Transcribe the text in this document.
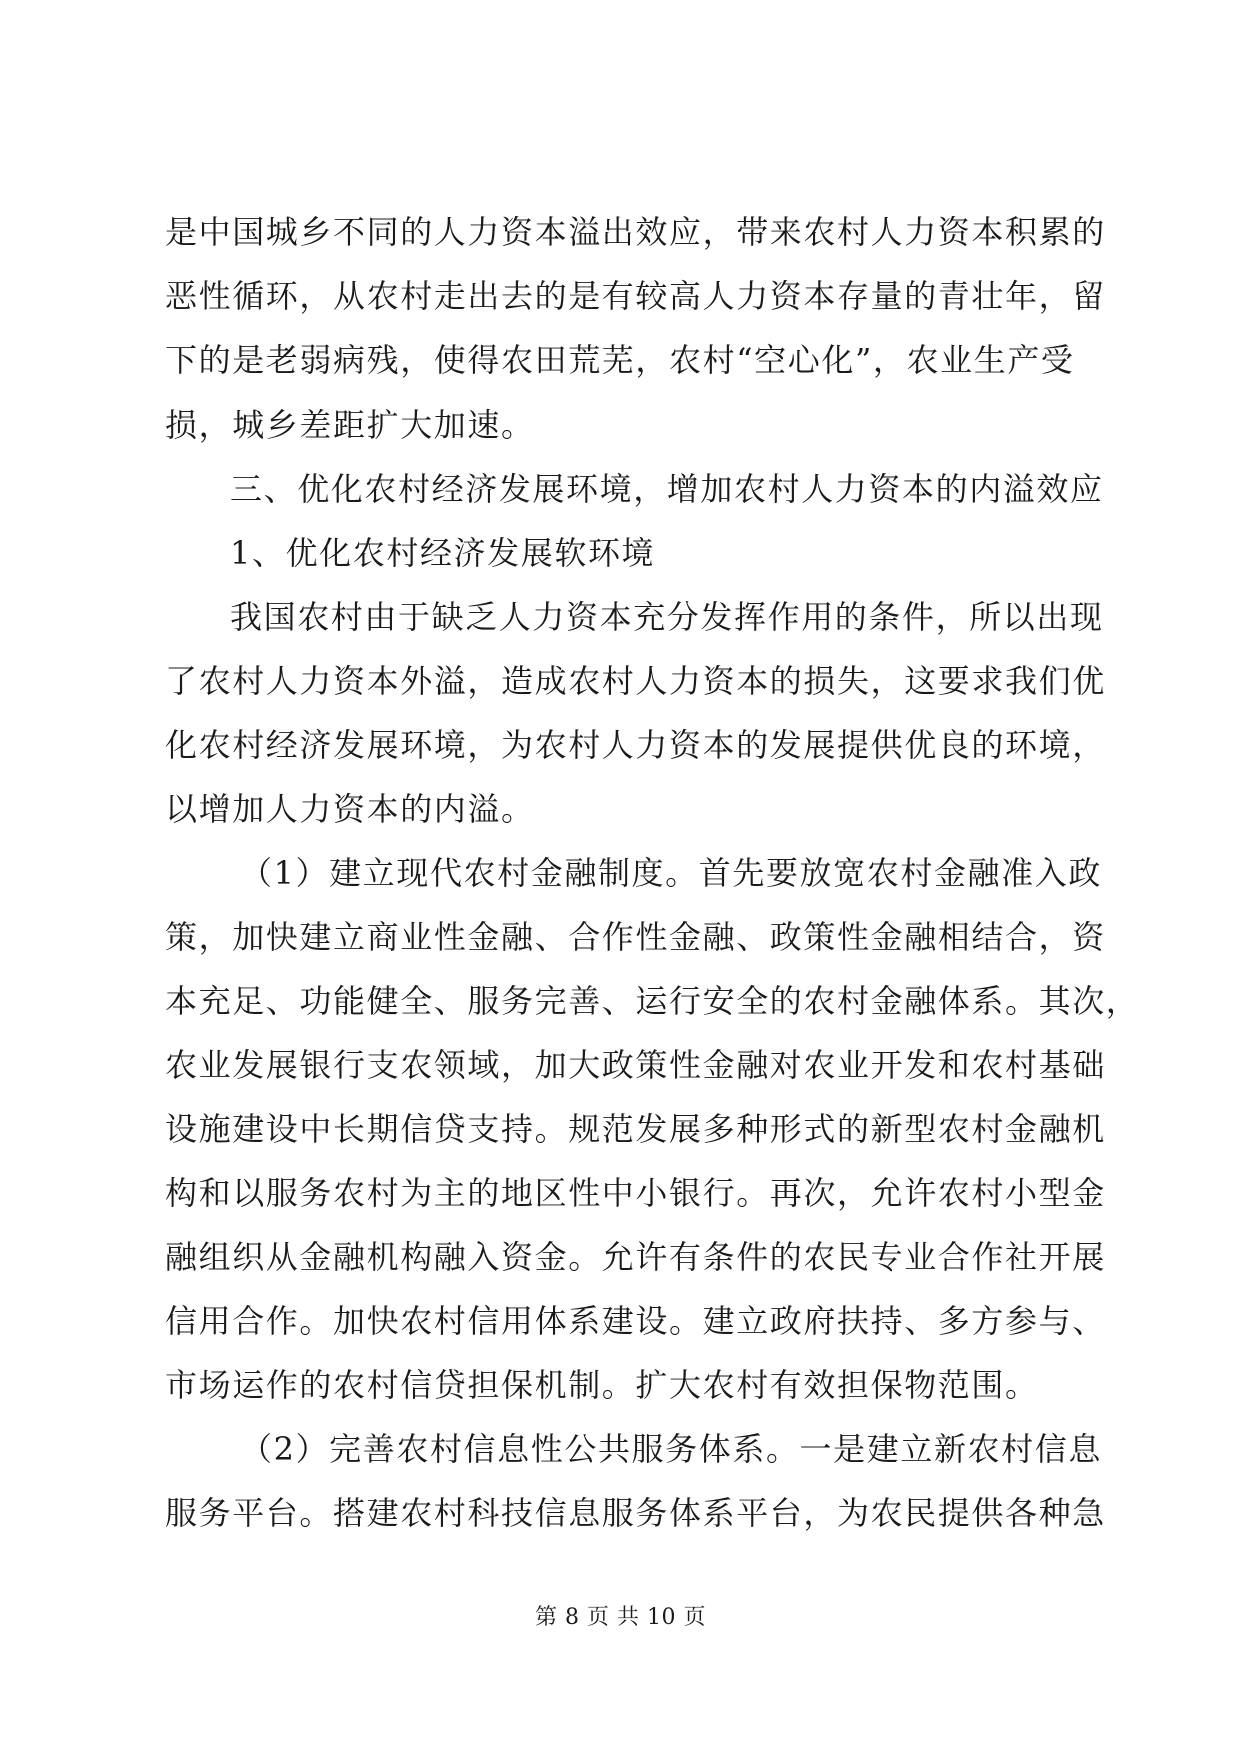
是中国城乡不同的人力资本溢出效应，带来农村人力资本积累的
恶性循环，从农村走出去的是有较高人力资本存量的青壮年，留
下的是老弱病残，使得农田荒芜，农村“空心化”，农业生产受
损，城乡差距扩大加速。
三、优化农村经济发展环境，增加农村人力资本的内溢效应
1、优化农村经济发展软环境
我国农村由于缺乏人力资本充分发挥作用的条件，所以出现
了农村人力资本外溢，造成农村人力资本的损失，这要求我们优
化农村经济发展环境，为农村人力资本的发展提供优良的环境，
以增加人力资本的内溢。
（1）建立现代农村金融制度。首先要放宽农村金融准入政
策，加快建立商业性金融、合作性金融、政策性金融相结合，资
本充足、功能健全、服务完善、运行安全的农村金融体系。其次，
农业发展银行支农领域，加大政策性金融对农业开发和农村基础
设施建设中长期信贷支持。规范发展多种形式的新型农村金融机
构和以服务农村为主的地区性中小银行。再次，允许农村小型金
融组织从金融机构融入资金。允许有条件的农民专业合作社开展
信用合作。加快农村信用体系建设。建立政府扶持、多方参与、
市场运作的农村信贷担保机制。扩大农村有效担保物范围。
（2）完善农村信息性公共服务体系。一是建立新农村信息
服务平台。搭建农村科技信息服务体系平台，为农民提供各种急
第 8 页 共 10 页
